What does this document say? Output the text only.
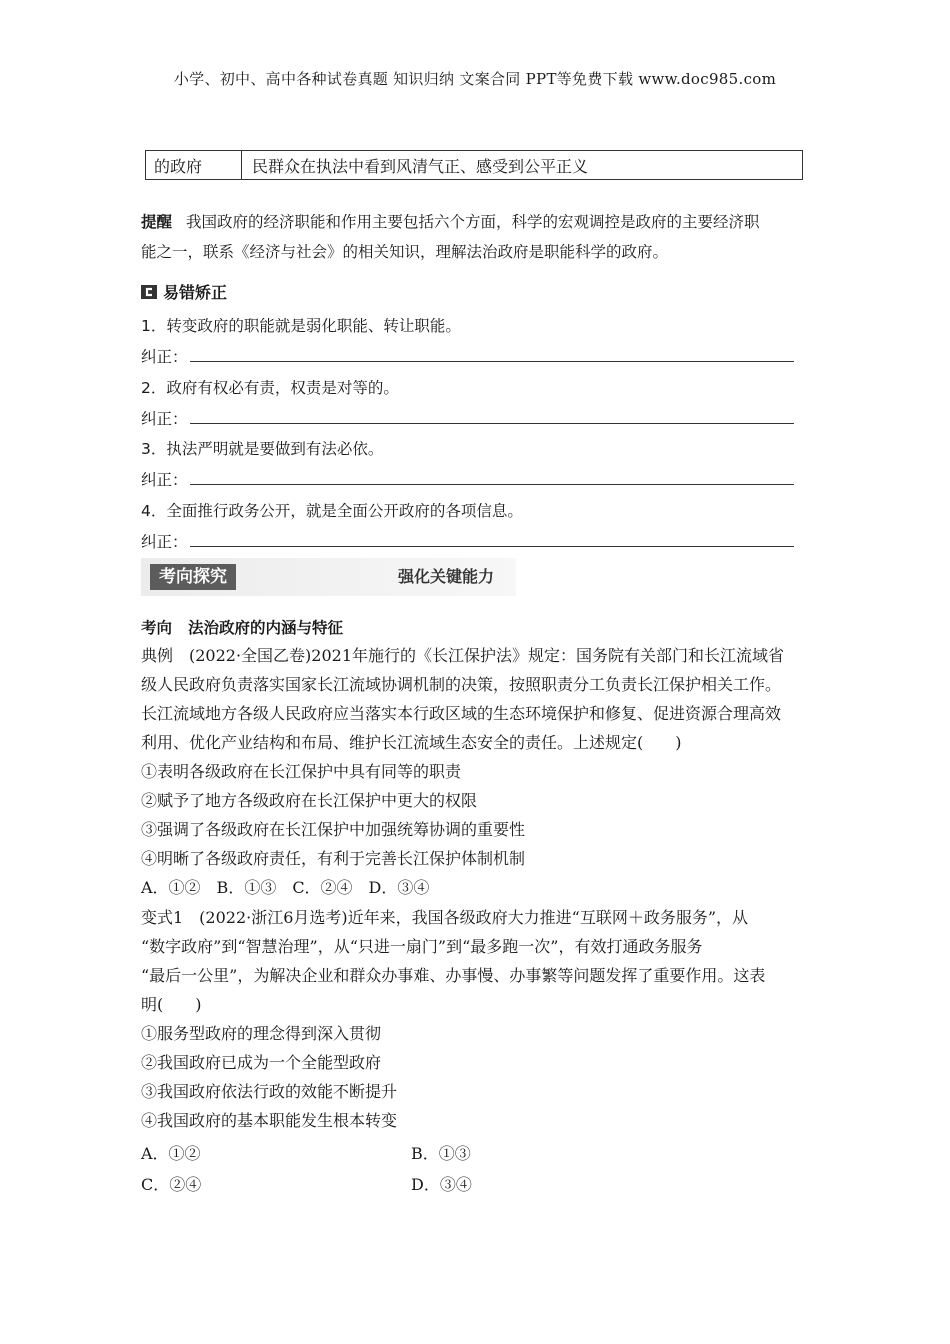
小学、初中、高中各种试卷真题 知识归纳 文案合同 PPT等免费下载 www.doc985.com
的政府	民群众在执法中看到风清气正、感受到公平正义
提醒 我国政府的经济职能和作用主要包括六个方面，科学的宏观调控是政府的主要经济职
能之一，联系《经济与社会》的相关知识，理解法治政府是职能科学的政府。
易错矫正
1．转变政府的职能就是弱化职能、转让职能。
纠正：
2．政府有权必有责，权责是对等的。
纠正：
3．执法严明就是要做到有法必依。
纠正：
4．全面推行政务公开，就是全面公开政府的各项信息。
纠正：
考向探究	强化关键能力
考向 法治政府的内涵与特征
典例　(2022·全国乙卷)2021年施行的《长江保护法》规定：国务院有关部门和长江流域省
级人民政府负责落实国家长江流域协调机制的决策，按照职责分工负责长江保护相关工作。
长江流域地方各级人民政府应当落实本行政区域的生态环境保护和修复、促进资源合理高效
利用、优化产业结构和布局、维护长江流域生态安全的责任。上述规定(　　)
①表明各级政府在长江保护中具有同等的职责
②赋予了地方各级政府在长江保护中更大的权限
③强调了各级政府在长江保护中加强统筹协调的重要性
④明晰了各级政府责任，有利于完善长江保护体制机制
A．①②　B．①③　C．②④　D．③④
变式1　(2022·浙江6月选考)近年来，我国各级政府大力推进“互联网＋政务服务”，从
“数字政府”到“智慧治理”，从“只进一扇门”到“最多跑一次”，有效打通政务服务
“最后一公里”，为解决企业和群众办事难、办事慢、办事繁等问题发挥了重要作用。这表
明(　　)
①服务型政府的理念得到深入贯彻
②我国政府已成为一个全能型政府
③我国政府依法行政的效能不断提升
④我国政府的基本职能发生根本转变
A．①②	B．①③
C．②④	D．③④
